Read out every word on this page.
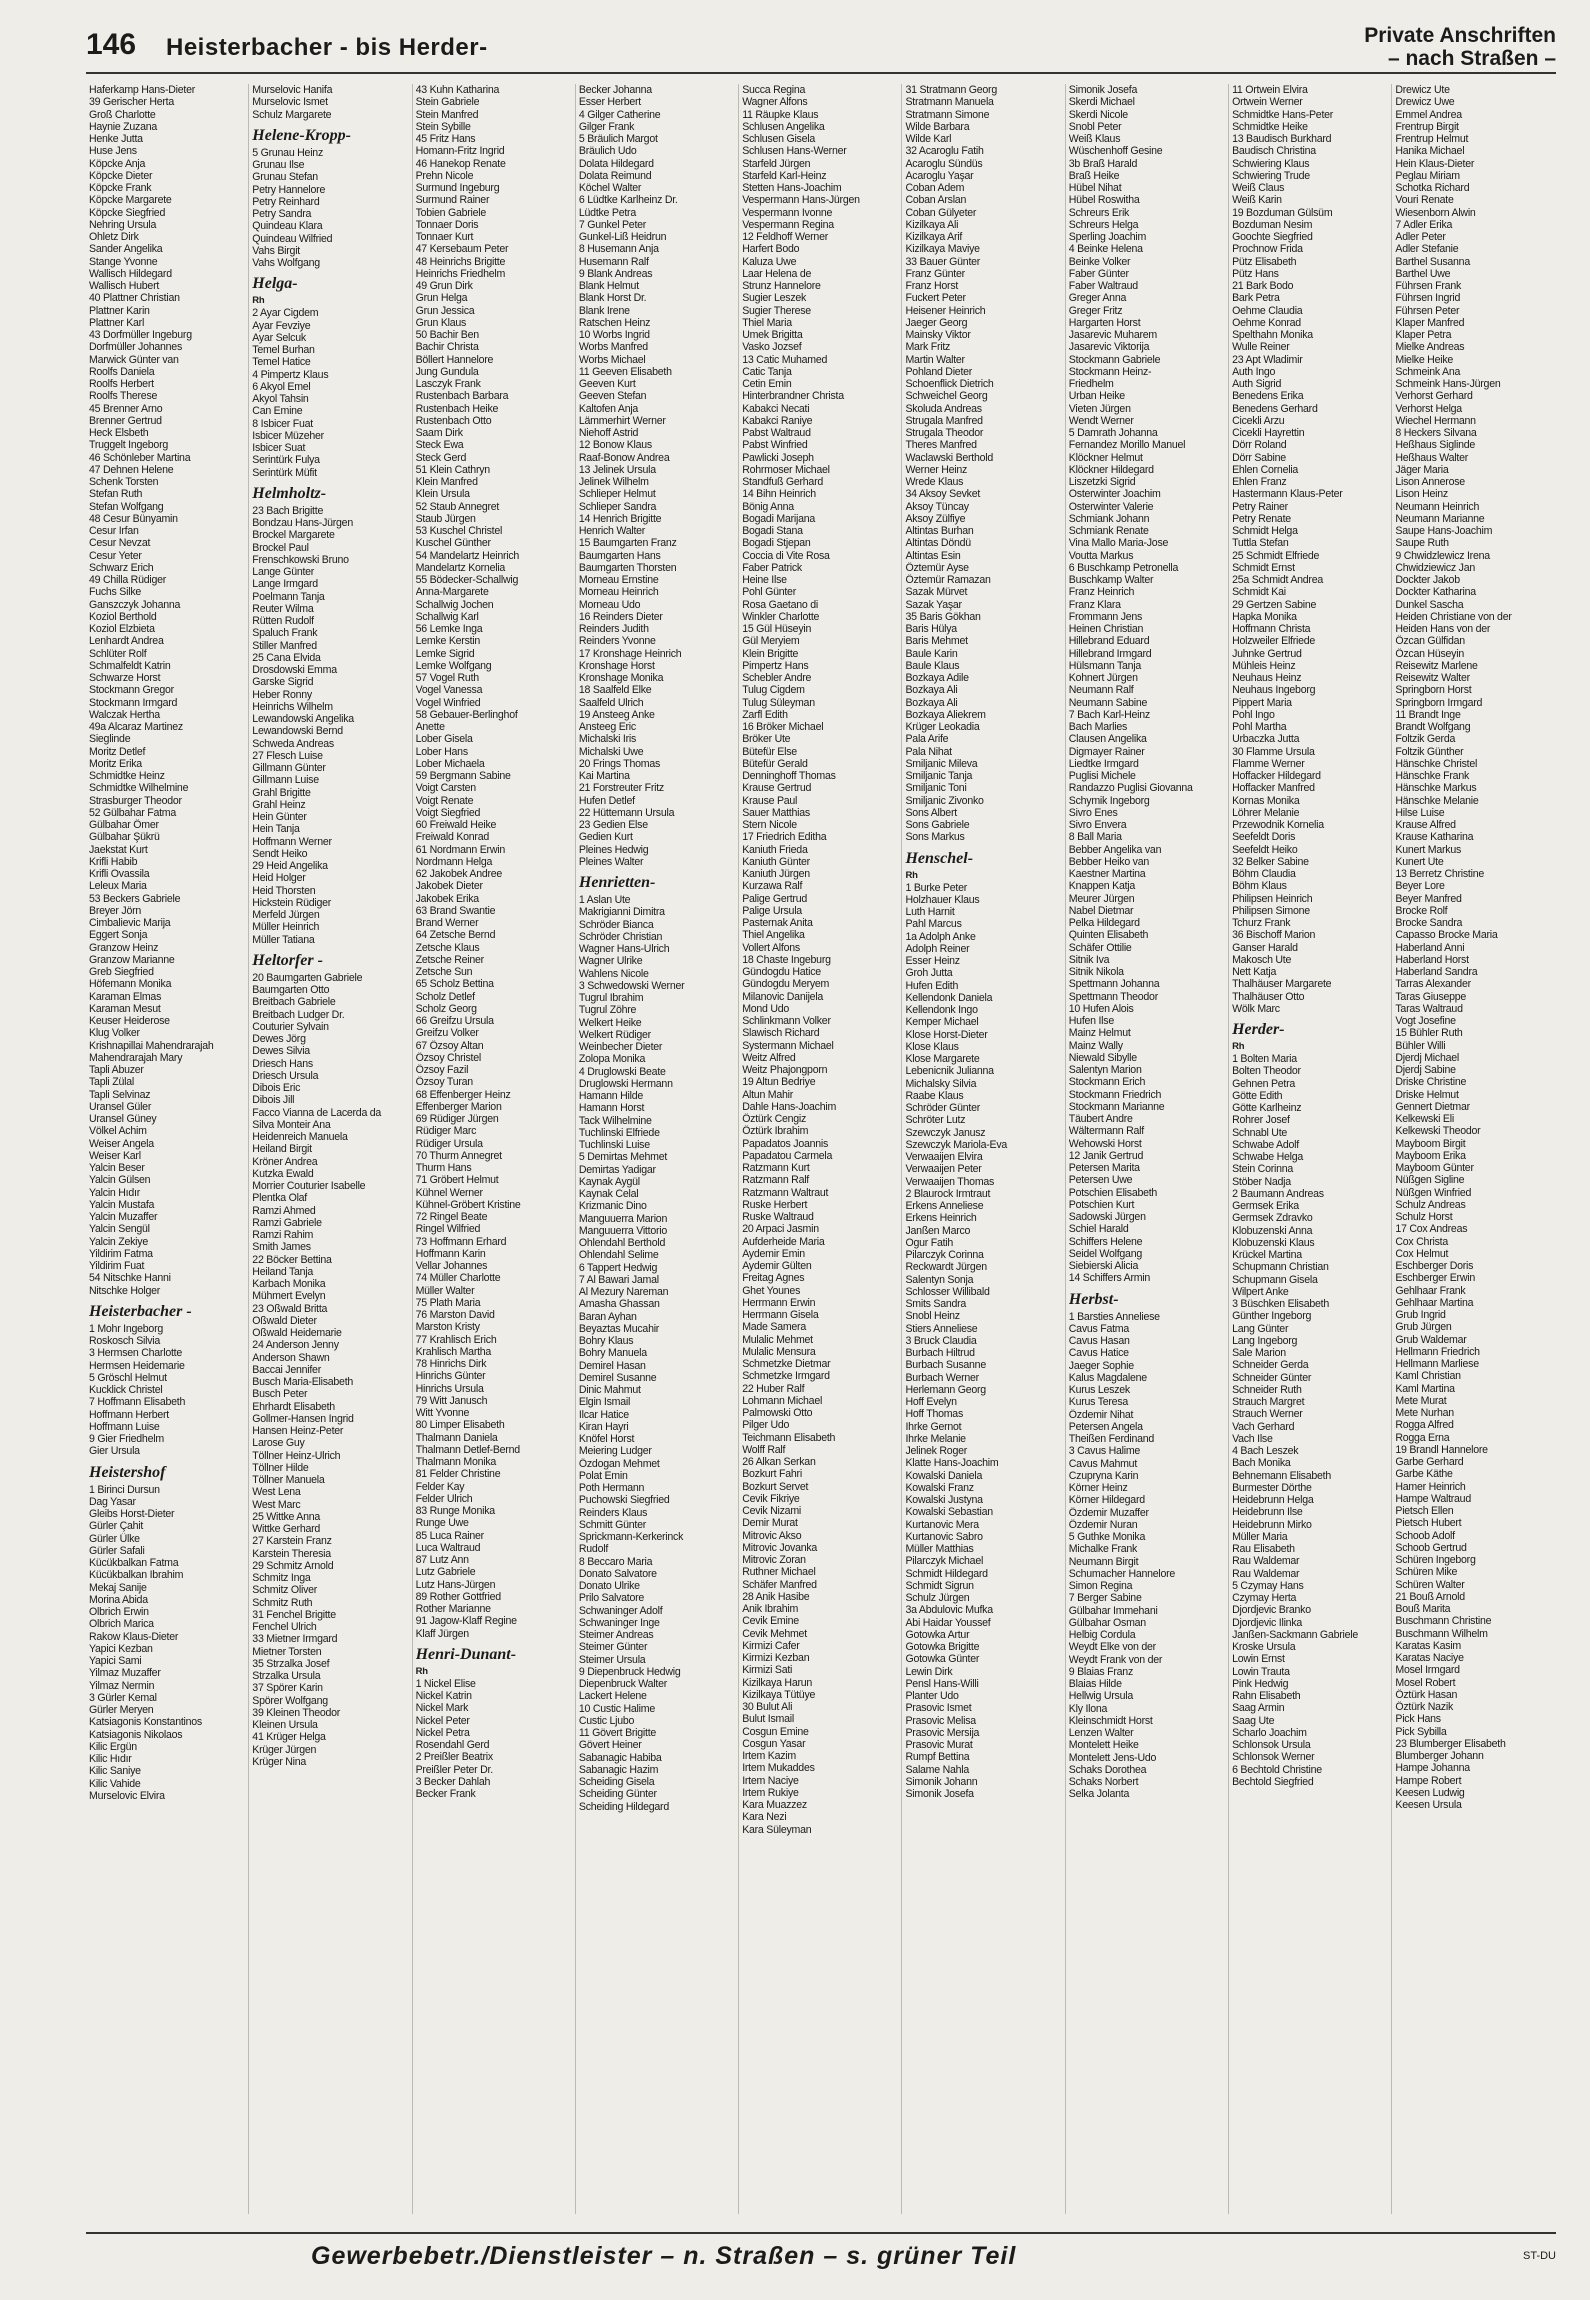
146 Heisterbacher - bis Herder-	Private Anschriften
– nach Straßen –
Haferkamp Hans-Dieter
39 Gerischer Herta
Groß Charlotte
Haynie Zuzana
Henke Jutta
Huse Jens
Köpcke Anja
Köpcke Dieter
Köpcke Frank
Köpcke Margarete
Köpcke Siegfried
Nehring Ursula
Ohletz Dirk
Sander Angelika
Stange Yvonne
Wallisch Hildegard
Wallisch Hubert
40 Plattner Christian
Plattner Karin
Plattner Karl
43 Dorfmüller Ingeburg
Dorfmüller Johannes
Marwick Günter van
Roolfs Daniela
Roolfs Herbert
Roolfs Therese
45 Brenner Arno
Brenner Gertrud
Heck Elsbeth
Truggelt Ingeborg
46 Schönleber Martina
47 Dehnen Helene
Schenk Torsten
Stefan Ruth
Stefan Wolfgang
48 Cesur Bünyamin
Cesur Irfan
Cesur Nevzat
Cesur Yeter
Schwarz Erich
49 Chilla Rüdiger
Fuchs Silke
Ganszczyk Johanna
Koziol Berthold
Koziol Elzbieta
Lenhardt Andrea
Schlüter Rolf
Schmalfeldt Katrin
Schwarze Horst
Stockmann Gregor
Stockmann Irmgard
Walczak Hertha
49a Alcaraz Martinez
Sieglinde
Moritz Detlef
Moritz Erika
Schmidtke Heinz
Schmidtke Wilhelmine
Strasburger Theodor
52 Gülbahar Fatma
Gülbahar Ömer
Gülbahar Şükrü
Jaekstat Kurt
Krifli Habib
Krifli Ovassila
Leleux Maria
53 Beckers Gabriele
Breyer Jörn
Cimbalievic Marija
Eggert Sonja
Granzow Heinz
Granzow Marianne
Greb Siegfried
Höfemann Monika
Karaman Elmas
Karaman Mesut
Keuser Heiderose
Klug Volker
Krishnapillai Mahendrarajah
Mahendrarajah Mary
Tapli Abuzer
Tapli Zülal
Tapli Selvinaz
Uransel Güler
Uransel Güney
Völkel Achim
Weiser Angela
Weiser Karl
Yalcin Beser
Yalcin Gülsen
Yalcin Hıdır
Yalcin Mustafa
Yalcin Muzaffer
Yalcin Sengül
Yalcin Zekiye
Yildirim Fatma
Yildirim Fuat
54 Nitschke Hanni
Nitschke Holger
Heisterbacher -
1 Mohr Ingeborg
Roskosch Silvia
3 Hermsen Charlotte
Hermsen Heidemarie
5 Gröschl Helmut
Kucklick Christel
7 Hoffmann Elisabeth
Hoffmann Herbert
Hoffmann Luise
9 Gier Friedhelm
Gier Ursula
Heistershof
1 Birinci Dursun
Dag Yasar
Gleibs Horst-Dieter
Gürler Çahit
Gürler Ülke
Gürler Safali
Kücükbalkan Fatma
Kücükbalkan Ibrahim
Mekaj Sanije
Morina Abida
Olbrich Erwin
Olbrich Marica
Rakow Klaus-Dieter
Yapici Kezban
Yapici Sami
Yilmaz Muzaffer
Yilmaz Nermin
3 Gürler Kemal
Gürler Meryen
Katsiagonis Konstantinos
Katsiagonis Nikolaos
Kilic Ergün
Kilic Hıdır
Kilic Saniye
Kilic Vahide
Murselovic Elvira
Murselovic Hanifa
Murselovic Ismet
Schulz Margarete
Helene-Kropp-
5 Grunau Heinz
Grunau Ilse
Grunau Stefan
Petry Hannelore
Petry Reinhard
Petry Sandra
Quindeau Klara
Quindeau Wilfried
Vahs Birgit
Vahs Wolfgang
Helga-
Rh
2 Ayar Cigdem
Ayar Fevziye
Ayar Selcuk
Temel Burhan
Temel Hatice
4 Pimpertz Klaus
6 Akyol Emel
Akyol Tahsin
Can Emine
8 Isbicer Fuat
Isbicer Müzeher
Isbicer Suat
Serintürk Fulya
Serintürk Müfit
Helmholtz-
23 Bach Brigitte
Bondzau Hans-Jürgen
Brockel Margarete
Brockel Paul
Frenschkowski Bruno
Lange Günter
Lange Irmgard
Poelmann Tanja
Reuter Wilma
Rütten Rudolf
Spaluch Frank
Stiller Manfred
25 Cana Elvida
Drosdowski Emma
Garske Sigrid
Heber Ronny
Heinrichs Wilhelm
Lewandowski Angelika
Lewandowski Bernd
Schweda Andreas
27 Flesch Luise
Gillmann Günter
Gillmann Luise
Grahl Brigitte
Grahl Heinz
Hein Günter
Hein Tanja
Hoffmann Werner
Sendt Heiko
29 Heid Angelika
Heid Holger
Heid Thorsten
Hickstein Rüdiger
Merfeld Jürgen
Müller Heinrich
Müller Tatiana
Heltorfer -
20 Baumgarten Gabriele
Baumgarten Otto
Breitbach Gabriele
Breitbach Ludger Dr.
Couturier Sylvain
Dewes Jörg
Dewes Silvia
Driesch Hans
Driesch Ursula
Dibois Eric
Dibois Jill
Facco Vianna de Lacerda da
Silva Monteir Ana
Heidenreich Manuela
Heiland Birgit
Kröner Andrea
Kutzka Ewald
Morrier Couturier Isabelle
Plentka Olaf
Ramzi Ahmed
Ramzi Gabriele
Ramzi Rahim
Smith James
22 Böcker Bettina
Heiland Tanja
Karbach Monika
Mühmert Evelyn
23 Oßwald Britta
Oßwald Dieter
Oßwald Heidemarie
24 Anderson Jenny
Anderson Shawn
Baccai Jennifer
Busch Maria-Elisabeth
Busch Peter
Ehrhardt Elisabeth
Gollmer-Hansen Ingrid
Hansen Heinz-Peter
Larose Guy
Töllner Heinz-Ulrich
Töllner Hilde
Töllner Manuela
West Lena
West Marc
25 Wittke Anna
Wittke Gerhard
27 Karstein Franz
Karstein Theresia
29 Schmitz Arnold
Schmitz Inga
Schmitz Oliver
Schmitz Ruth
31 Fenchel Brigitte
Fenchel Ulrich
33 Mietner Irmgard
Mietner Torsten
35 Strzalka Josef
Strzalka Ursula
37 Spörer Karin
Spörer Wolfgang
39 Kleinen Theodor
Kleinen Ursula
41 Krüger Helga
Krüger Jürgen
Krüger Nina
43 Kuhn Katharina
Stein Gabriele
Stein Manfred
Stein Sybille
45 Fritz Hans
Homann-Fritz Ingrid
46 Hanekop Renate
Prehn Nicole
Surmund Ingeburg
Surmund Rainer
Tobien Gabriele
Tonnaer Doris
Tonnaer Kurt
47 Kersebaum Peter
48 Heinrichs Brigitte
Heinrichs Friedhelm
49 Grun Dirk
Grun Helga
Grun Jessica
Grun Klaus
50 Bachir Ben
Bachir Christa
Böllert Hannelore
Jung Gundula
Lasczyk Frank
Rustenbach Barbara
Rustenbach Heike
Rustenbach Otto
Saam Dirk
Steck Ewa
Steck Gerd
51 Klein Cathryn
Klein Manfred
Klein Ursula
52 Staub Annegret
Staub Jürgen
53 Kuschel Christel
Kuschel Günther
54 Mandelartz Heinrich
Mandelartz Kornelia
55 Bödecker-Schallwig
Anna-Margarete
Schallwig Jochen
Schallwig Karl
56 Lemke Inga
Lemke Kerstin
Lemke Sigrid
Lemke Wolfgang
57 Vogel Ruth
Vogel Vanessa
Vogel Winfried
58 Gebauer-Berlinghof
Anette
Lober Gisela
Lober Hans
Lober Michaela
59 Bergmann Sabine
Voigt Carsten
Voigt Renate
Voigt Siegfried
60 Freiwald Heike
Freiwald Konrad
61 Nordmann Erwin
Nordmann Helga
62 Jakobek Andree
Jakobek Dieter
Jakobek Erika
63 Brand Swantie
Brand Werner
64 Zetsche Bernd
Zetsche Klaus
Zetsche Reiner
Zetsche Sun
65 Scholz Bettina
Scholz Detlef
Scholz Georg
66 Greifzu Ursula
Greifzu Volker
67 Özsoy Altan
Özsoy Christel
Özsoy Fazil
Özsoy Turan
68 Effenberger Heinz
Effenberger Marion
69 Rüdiger Jürgen
Rüdiger Marc
Rüdiger Ursula
70 Thurm Annegret
Thurm Hans
71 Gröbert Helmut
Kühnel Werner
Kühnel-Gröbert Kristine
72 Ringel Beate
Ringel Wilfried
73 Hoffmann Erhard
Hoffmann Karin
Vellar Johannes
74 Müller Charlotte
Müller Walter
75 Plath Maria
76 Marston David
Marston Kristy
77 Krahlisch Erich
Krahlisch Martha
78 Hinrichs Dirk
Hinrichs Günter
Hinrichs Ursula
79 Witt Janusch
Witt Yvonne
80 Limper Elisabeth
Thalmann Daniela
Thalmann Detlef-Bernd
Thalmann Monika
81 Felder Christine
Felder Kay
Felder Ulrich
83 Runge Monika
Runge Uwe
85 Luca Rainer
Luca Waltraud
87 Lutz Ann
Lutz Gabriele
Lutz Hans-Jürgen
89 Rother Gottfried
Rother Marianne
91 Jagow-Klaff Regine
Klaff Jürgen
Henri-Dunant-
Rh
1 Nickel Elise
Nickel Katrin
Nickel Mark
Nickel Peter
Nickel Petra
Rosendahl Gerd
2 Preißler Beatrix
Preißler Peter Dr.
3 Becker Dahlah
Becker Frank
Becker Johanna
Esser Herbert
4 Gilger Catherine
Gilger Frank
5 Bräulich Margot
Bräulich Udo
Dolata Hildegard
Dolata Reimund
Köchel Walter
6 Lüdtke Karlheinz Dr.
Lüdtke Petra
7 Gunkel Peter
Gunkel-Liß Heidrun
8 Husemann Anja
Husemann Ralf
9 Blank Andreas
Blank Helmut
Blank Horst Dr.
Blank Irene
Ratschen Heinz
10 Worbs Ingrid
Worbs Manfred
Worbs Michael
11 Geeven Elisabeth
Geeven Kurt
Geeven Stefan
Kaltofen Anja
Lämmerhirt Werner
Niehoff Astrid
12 Bonow Klaus
Raaf-Bonow Andrea
13 Jelinek Ursula
Jelinek Wilhelm
Schlieper Helmut
Schlieper Sandra
14 Henrich Brigitte
Henrich Walter
15 Baumgarten Franz
Baumgarten Hans
Baumgarten Thorsten
Morneau Ernstine
Morneau Heinrich
Morneau Udo
16 Reinders Dieter
Reinders Judith
Reinders Yvonne
17 Kronshage Heinrich
Kronshage Horst
Kronshage Monika
18 Saalfeld Elke
Saalfeld Ulrich
19 Ansteeg Anke
Ansteeg Eric
Michalski Iris
Michalski Uwe
20 Frings Thomas
Kai Martina
21 Forstreuter Fritz
Hufen Detlef
22 Hüttemann Ursula
23 Gedien Else
Gedien Kurt
Pleines Hedwig
Pleines Walter
Henrietten-
1 Aslan Ute
Makrigianni Dimitra
Schröder Bianca
Schröder Christian
Wagner Hans-Ulrich
Wagner Ulrike
Wahlens Nicole
3 Schwedowski Werner
Tugrul Ibrahim
Tugrul Zöhre
Welkert Heike
Welkert Rüdiger
Weinbecher Dieter
Zolopa Monika
4 Druglowski Beate
Druglowski Hermann
Hamann Hilde
Hamann Horst
Tack Wilhelmine
Tuchlinski Elfriede
Tuchlinski Luise
5 Demirtas Mehmet
Demirtas Yadigar
Kaynak Aygül
Kaynak Celal
Krizmanic Dino
Manguuerra Marion
Manguuerra Vittorio
Ohlendahl Berthold
Ohlendahl Selime
6 Tappert Hedwig
7 Al Bawari Jamal
Al Mezury Nareman
Amasha Ghassan
Baran Ayhan
Beyaztas Mucahir
Bohry Klaus
Bohry Manuela
Demirel Hasan
Demirel Susanne
Dinic Mahmut
Elgin Ismail
Ilcar Hatice
Kiran Hayri
Knöfel Horst
Meiering Ludger
Özdogan Mehmet
Polat Emin
Poth Hermann
Puchowski Siegfried
Reinders Klaus
Schmitt Günter
Sprickmann-Kerkerinck
Rudolf
8 Beccaro Maria
Donato Salvatore
Donato Ulrike
Prilo Salvatore
Schwaninger Adolf
Schwaninger Inge
Steimer Andreas
Steimer Günter
Steimer Ursula
9 Diepenbruck Hedwig
Diepenbruck Walter
Lackert Helene
10 Custic Halime
Custic Ljubo
11 Gövert Brigitte
Gövert Heiner
Sabanagic Habiba
Sabanagic Hazim
Scheiding Gisela
Scheiding Günter
Scheiding Hildegard
Succa Regina
Wagner Alfons
11 Räupke Klaus
Schlusen Angelika
Schlusen Gisela
Schlusen Hans-Werner
Starfeld Jürgen
Starfeld Karl-Heinz
Stetten Hans-Joachim
Vespermann Hans-Jürgen
Vespermann Ivonne
Vespermann Regina
12 Feldhoff Werner
Harfert Bodo
Kaluza Uwe
Laar Helena de
Strunz Hannelore
Sugier Leszek
Sugier Therese
Thiel Maria
Umek Brigitta
Vasko Jozsef
13 Catic Muhamed
Catic Tanja
Cetin Emin
Hinterbrandner Christa
Kabakci Necati
Kabakci Raniye
Pabst Waltraud
Pabst Winfried
Pawlicki Joseph
Rohrmoser Michael
Standfuß Gerhard
14 Bihn Heinrich
Bönig Anna
Bogadi Marijana
Bogadi Stana
Bogadi Stjepan
Coccia di Vite Rosa
Faber Patrick
Heine Ilse
Pohl Günter
Rosa Gaetano di
Winkler Charlotte
15 Gül Hüseyin
Gül Meryiem
Klein Brigitte
Pimpertz Hans
Schebler Andre
Tulug Cigdem
Tulug Süleyman
Zarfl Edith
16 Bröker Michael
Bröker Ute
Bütefür Else
Bütefür Gerald
Denninghoff Thomas
Krause Gertrud
Krause Paul
Sauer Matthias
Stern Nicole
17 Friedrich Editha
Kaniuth Frieda
Kaniuth Günter
Kaniuth Jürgen
Kurzawa Ralf
Palige Gertrud
Palige Ursula
Pasternak Anita
Thiel Angelika
Vollert Alfons
18 Chaste Ingeburg
Gündogdu Hatice
Gündogdu Meryem
Milanovic Danijela
Mond Udo
Schlinkmann Volker
Slawisch Richard
Systermann Michael
Weitz Alfred
Weitz Phajongporn
19 Altun Bedriye
Altun Mahir
Dahle Hans-Joachim
Öztürk Cengiz
Öztürk Ibrahim
Papadatos Joannis
Papadatou Carmela
Ratzmann Kurt
Ratzmann Ralf
Ratzmann Waltraut
Ruske Herbert
Ruske Waltraud
20 Arpaci Jasmin
Aufderheide Maria
Aydemir Emin
Aydemir Gülten
Freitag Agnes
Ghet Younes
Herrmann Erwin
Herrmann Gisela
Made Samera
Mulalic Mehmet
Mulalic Mensura
Schmetzke Dietmar
Schmetzke Irmgard
22 Huber Ralf
Lohmann Michael
Palmowski Otto
Pilger Udo
Teichmann Elisabeth
Wolff Ralf
26 Alkan Serkan
Bozkurt Fahri
Bozkurt Servet
Cevik Fikriye
Cevik Nizami
Demir Murat
Mitrovic Akso
Mitrovic Jovanka
Mitrovic Zoran
Ruthner Michael
Schäfer Manfred
28 Anik Hasibe
Anik Ibrahim
Cevik Emine
Cevik Mehmet
Kirmizi Cafer
Kirmizi Kezban
Kirmizi Sati
Kizilkaya Harun
Kizilkaya Tütüye
30 Bulut Ali
Bulut Ismail
Cosgun Emine
Cosgun Yasar
Irtem Kazim
Irtem Mukaddes
Irtem Naciye
Irtem Rukiye
Kara Muazzez
Kara Nezi
Kara Süleyman
31 Stratmann Georg
Stratmann Manuela
Stratmann Simone
Wilde Barbara
Wilde Karl
32 Acaroglu Fatih
Acaroglu Sündüs
Acaroglu Yaşar
Coban Adem
Coban Arslan
Coban Gülyeter
Kizilkaya Ali
Kizilkaya Arif
Kizilkaya Maviye
33 Bauer Günter
Franz Günter
Franz Horst
Fuckert Peter
Heisener Heinrich
Jaeger Georg
Mainsky Viktor
Mark Fritz
Martin Walter
Pohland Dieter
Schoenflick Dietrich
Schweichel Georg
Skoluda Andreas
Strugala Manfred
Strugala Theodor
Theres Manfred
Waclawski Berthold
Werner Heinz
Wrede Klaus
34 Aksoy Sevket
Aksoy Tüncay
Aksoy Zülfiye
Altintas Burhan
Altintas Döndü
Altintas Esin
Öztemür Ayse
Öztemür Ramazan
Sazak Mürvet
Sazak Yaşar
35 Baris Gökhan
Baris Hülya
Baris Mehmet
Baule Karin
Baule Klaus
Bozkaya Adile
Bozkaya Ali
Bozkaya Ali
Bozkaya Aliekrem
Krüger Leokadia
Pala Arife
Pala Nihat
Smiljanic Mileva
Smiljanic Tanja
Smiljanic Toni
Smiljanic Zivonko
Sons Albert
Sons Gabriele
Sons Markus
Henschel-
Rh
1 Burke Peter
Holzhauer Klaus
Luth Harnit
Pahl Marcus
1a Adolph Anke
Adolph Reiner
Esser Heinz
Groh Jutta
Hufen Edith
Kellendonk Daniela
Kellendonk Ingo
Kemper Michael
Klose Horst-Dieter
Klose Klaus
Klose Margarete
Lebenicnik Julianna
Michalsky Silvia
Raabe Klaus
Schröder Günter
Schröter Lutz
Szewczyk Janusz
Szewczyk Mariola-Eva
Verwaaijen Elvira
Verwaaijen Peter
Verwaaijen Thomas
2 Blaurock Irmtraut
Erkens Anneliese
Erkens Heinrich
Janßen Marco
Ogur Fatih
Pilarczyk Corinna
Reckwardt Jürgen
Salentyn Sonja
Schlosser Willibald
Smits Sandra
Snobl Heinz
Stiers Anneliese
3 Bruck Claudia
Burbach Hiltrud
Burbach Susanne
Burbach Werner
Herlemann Georg
Hoff Evelyn
Hoff Thomas
Ihrke Gernot
Ihrke Melanie
Jelinek Roger
Klatte Hans-Joachim
Kowalski Daniela
Kowalski Franz
Kowalski Justyna
Kowalski Sebastian
Kurtanovic Mera
Kurtanovic Sabro
Müller Matthias
Pilarczyk Michael
Schmidt Hildegard
Schmidt Sigrun
Schulz Jürgen
3a Abdulovic Mufka
Abi Haidar Youssef
Gotowka Artur
Gotowka Brigitte
Gotowka Günter
Lewin Dirk
Pensl Hans-Willi
Planter Udo
Prasovic Ismet
Prasovic Melisa
Prasovic Mersija
Prasovic Murat
Rumpf Bettina
Salame Nahla
Simonik Johann
Simonik Josefa
Simonik Josefa
Skerdi Michael
Skerdi Nicole
Snobl Peter
Weiß Klaus
Wüschenhoff Gesine
3b Braß Harald
Braß Heike
Hübel Nihat
Hübel Roswitha
Schreurs Erik
Schreurs Helga
Sperling Joachim
4 Beinke Helena
Beinke Volker
Faber Günter
Faber Waltraud
Greger Anna
Greger Fritz
Hargarten Horst
Jasarevic Muharem
Jasarevic Viktorija
Stockmann Gabriele
Stockmann Heinz-
Friedhelm
Urban Heike
Vieten Jürgen
Wendt Werner
5 Damrath Johanna
Fernandez Morillo Manuel
Klöckner Helmut
Klöckner Hildegard
Liszetzki Sigrid
Osterwinter Joachim
Osterwinter Valerie
Schmiank Johann
Schmiank Renate
Vina Mallo Maria-Jose
Voutta Markus
6 Buschkamp Petronella
Buschkamp Walter
Franz Heinrich
Franz Klara
Frommann Jens
Heinen Christian
Hillebrand Eduard
Hillebrand Irmgard
Hülsmann Tanja
Kohnert Jürgen
Neumann Ralf
Neumann Sabine
7 Bach Karl-Heinz
Bach Marlies
Clausen Angelika
Digmayer Rainer
Liedtke Irmgard
Puglisi Michele
Randazzo Puglisi Giovanna
Schymik Ingeborg
Sivro Enes
Sivro Envera
8 Ball Maria
Bebber Angelika van
Bebber Heiko van
Kaestner Martina
Knappen Katja
Meurer Jürgen
Nabel Dietmar
Pelka Hildegard
Quinten Elisabeth
Schäfer Ottilie
Sitnik Iva
Sitnik Nikola
Spettmann Johanna
Spettmann Theodor
10 Hufen Alois
Hufen Ilse
Mainz Helmut
Mainz Wally
Niewald Sibylle
Salentyn Marion
Stockmann Erich
Stockmann Friedrich
Stockmann Marianne
Täubert Andre
Wältermann Ralf
Wehowski Horst
12 Janik Gertrud
Petersen Marita
Petersen Uwe
Potschien Elisabeth
Potschien Kurt
Sadowski Jürgen
Schiel Harald
Schiffers Helene
Seidel Wolfgang
Siebierski Alicia
14 Schiffers Armin
Herbst-
1 Barsties Anneliese
Cavus Fatma
Cavus Hasan
Cavus Hatice
Jaeger Sophie
Kalus Magdalene
Kurus Leszek
Kurus Teresa
Özdemir Nihat
Petersen Angela
Theißen Ferdinand
3 Cavus Halime
Cavus Mahmut
Czupryna Karin
Körner Heinz
Körner Hildegard
Özdemir Muzaffer
Özdemir Nuran
5 Guthke Monika
Michalke Frank
Neumann Birgit
Schumacher Hannelore
Simon Regina
7 Berger Sabine
Gülbahar Immehani
Gülbahar Osman
Helbig Cordula
Weydt Elke von der
Weydt Frank von der
9 Blaias Franz
Blaias Hilde
Hellwig Ursula
Kly Ilona
Kleinschmidt Horst
Lenzen Walter
Montelett Heike
Montelett Jens-Udo
Schaks Dorothea
Schaks Norbert
Selka Jolanta
11 Ortwein Elvira
Ortwein Werner
Schmidtke Hans-Peter
Schmidtke Heike
13 Baudisch Burkhard
Baudisch Christina
Schwiering Klaus
Schwiering Trude
Weiß Claus
Weiß Karin
19 Bozduman Gülsüm
Bozduman Nesim
Goochte Siegfried
Prochnow Frida
Pütz Elisabeth
Pütz Hans
21 Bark Bodo
Bark Petra
Oehme Claudia
Oehme Konrad
Spelthahn Monika
Wulle Reiner
23 Apt Wladimir
Auth Ingo
Auth Sigrid
Benedens Erika
Benedens Gerhard
Cicekli Arzu
Cicekli Hayrettin
Dörr Roland
Dörr Sabine
Ehlen Cornelia
Ehlen Franz
Hastermann Klaus-Peter
Petry Rainer
Petry Renate
Schmidt Helga
Tuttla Stefan
25 Schmidt Elfriede
Schmidt Ernst
25a Schmidt Andrea
Schmidt Kai
29 Gertzen Sabine
Hapka Monika
Hoffmann Christa
Holzweiler Elfriede
Juhnke Gertrud
Mühleis Heinz
Neuhaus Heinz
Neuhaus Ingeborg
Pippert Maria
Pohl Ingo
Pohl Martha
Urbaczka Jutta
30 Flamme Ursula
Flamme Werner
Hoffacker Hildegard
Hoffacker Manfred
Kornas Monika
Löhrer Melanie
Przewodnik Kornelia
Seefeldt Doris
Seefeldt Heiko
32 Belker Sabine
Böhm Claudia
Böhm Klaus
Philipsen Heinrich
Philipsen Simone
Tchurz Frank
36 Bischoff Marion
Ganser Harald
Makosch Ute
Nett Katja
Thalhäuser Margarete
Thalhäuser Otto
Wölk Marc
Herder-
Rh
1 Bolten Maria
Bolten Theodor
Gehnen Petra
Götte Edith
Götte Karlheinz
Rohrer Josef
Schnabl Ute
Schwabe Adolf
Schwabe Helga
Stein Corinna
Stöber Nadja
2 Baumann Andreas
Germsek Erika
Germsek Zdravko
Klobuzenski Anna
Klobuzenski Klaus
Krückel Martina
Schupmann Christian
Schupmann Gisela
Wilpert Anke
3 Büschken Elisabeth
Günther Ingeborg
Lang Günter
Lang Ingeborg
Sale Marion
Schneider Gerda
Schneider Günter
Schneider Ruth
Strauch Margret
Strauch Werner
Vach Gerhard
Vach Ilse
4 Bach Leszek
Bach Monika
Behnemann Elisabeth
Burmester Dörthe
Heidebrunn Helga
Heidebrunn Ilse
Heidebrunn Mirko
Müller Maria
Rau Elisabeth
Rau Waldemar
Rau Waldemar
5 Czymay Hans
Czymay Herta
Djordjevic Branko
Djordjevic Ilinka
Janßen-Sackmann Gabriele
Kroske Ursula
Lowin Ernst
Lowin Trauta
Pink Hedwig
Rahn Elisabeth
Saag Armin
Saag Ute
Scharlo Joachim
Schlonsok Ursula
Schlonsok Werner
6 Bechtold Christine
Bechtold Siegfried
Drewicz Ute
Drewicz Uwe
Emmel Andrea
Frentrup Birgit
Frentrup Helmut
Hanika Michael
Hein Klaus-Dieter
Peglau Miriam
Schotka Richard
Vouri Renate
Wiesenborn Alwin
7 Adler Erika
Adler Peter
Adler Stefanie
Barthel Susanna
Barthel Uwe
Führsen Frank
Führsen Ingrid
Führsen Peter
Klaper Manfred
Klaper Petra
Mielke Andreas
Mielke Heike
Schmeink Ana
Schmeink Hans-Jürgen
Verhorst Gerhard
Verhorst Helga
Wiechel Hermann
8 Heckers Silvana
Heßhaus Siglinde
Heßhaus Walter
Jäger Maria
Lison Annerose
Lison Heinz
Neumann Heinrich
Neumann Marianne
Saupe Hans-Joachim
Saupe Ruth
9 Chwidzlewicz Irena
Chwidziewicz Jan
Dockter Jakob
Dockter Katharina
Dunkel Sascha
Heiden Christiane von der
Heiden Hans von der
Özcan Gülfidan
Özcan Hüseyin
Reisewitz Marlene
Reisewitz Walter
Springborn Horst
Springborn Irmgard
11 Brandt Inge
Brandt Wolfgang
Foltzik Gerda
Foltzik Günther
Hänschke Christel
Hänschke Frank
Hänschke Markus
Hänschke Melanie
Hilse Luise
Krause Alfred
Krause Katharina
Kunert Markus
Kunert Ute
13 Berretz Christine
Beyer Lore
Beyer Manfred
Brocke Rolf
Brocke Sandra
Capasso Brocke Maria
Haberland Anni
Haberland Horst
Haberland Sandra
Tarras Alexander
Taras Giuseppe
Taras Waltraud
Vogt Josefine
15 Bühler Ruth
Bühler Willi
Djerdj Michael
Djerdj Sabine
Driske Christine
Driske Helmut
Gennert Dietmar
Kelkewski Eli
Kelkewski Theodor
Mayboom Birgit
Mayboom Erika
Mayboom Günter
Nüßgen Sigline
Nüßgen Winfried
Schulz Andreas
Schulz Horst
17 Cox Andreas
Cox Christa
Cox Helmut
Eschberger Doris
Eschberger Erwin
Gehlhaar Frank
Gehlhaar Martina
Grub Ingrid
Grub Jürgen
Grub Waldemar
Hellmann Friedrich
Hellmann Marliese
Kaml Christian
Kaml Martina
Mete Murat
Mete Nurhan
Rogga Alfred
Rogga Erna
19 Brandl Hannelore
Garbe Gerhard
Garbe Käthe
Hamer Heinrich
Hampe Waltraud
Pietsch Ellen
Pietsch Hubert
Schoob Adolf
Schoob Gertrud
Schüren Ingeborg
Schüren Mike
Schüren Walter
21 Bouß Arnold
Bouß Marita
Buschmann Christine
Buschmann Wilhelm
Karatas Kasim
Karatas Naciye
Mosel Irmgard
Mosel Robert
Öztürk Hasan
Öztürk Nazik
Pick Hans
Pick Sybilla
23 Blumberger Elisabeth
Blumberger Johann
Hampe Johanna
Hampe Robert
Keesen Ludwig
Keesen Ursula
Gewerbebetr./Dienstleister – n. Straßen – s. grüner Teil	ST-DU
